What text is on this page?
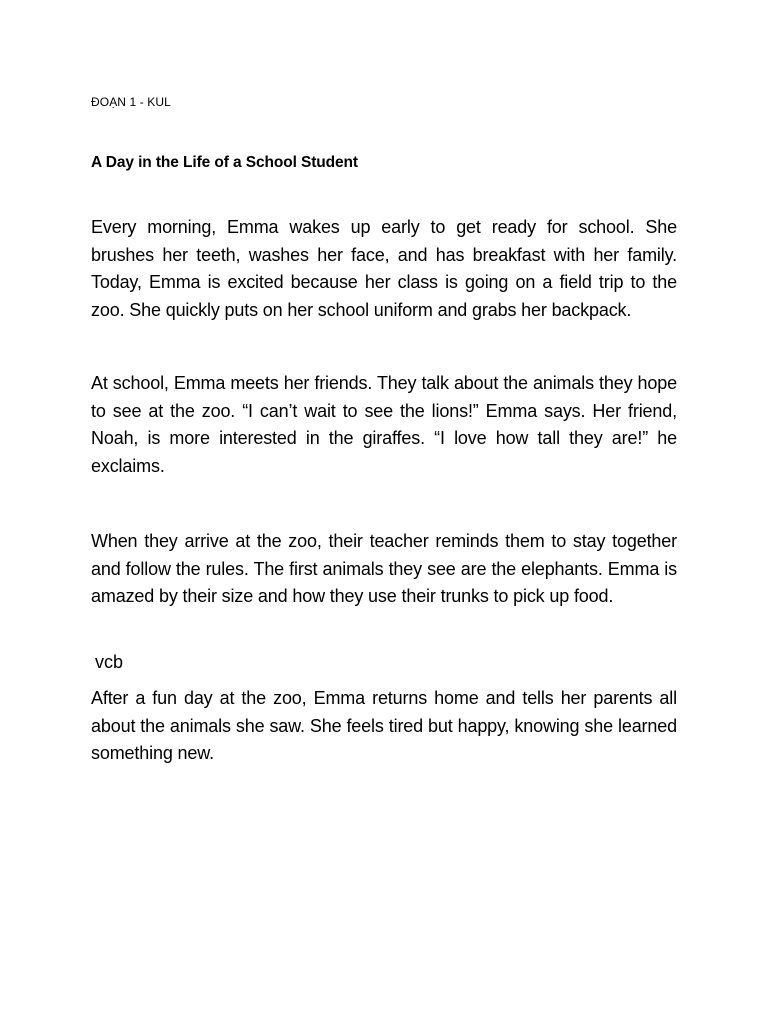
ĐOẠN 1 - KUL
A Day in the Life of a School Student

Every morning, Emma wakes up early to get ready for school. She brushes her teeth, washes her face, and has breakfast with her family. Today, Emma is excited because her class is going on a field trip to the zoo. She quickly puts on her school uniform and grabs her backpack.

At school, Emma meets her friends. They talk about the animals they hope to see at the zoo. “I can’t wait to see the lions!” Emma says. Her friend, Noah, is more interested in the giraffes. “I love how tall they are!” he exclaims.

When they arrive at the zoo, their teacher reminds them to stay together and follow the rules. The first animals they see are the elephants. Emma is amazed by their size and how they use their trunks to pick up food.

vcb

After a fun day at the zoo, Emma returns home and tells her parents all about the animals she saw. She feels tired but happy, knowing she learned something new.
